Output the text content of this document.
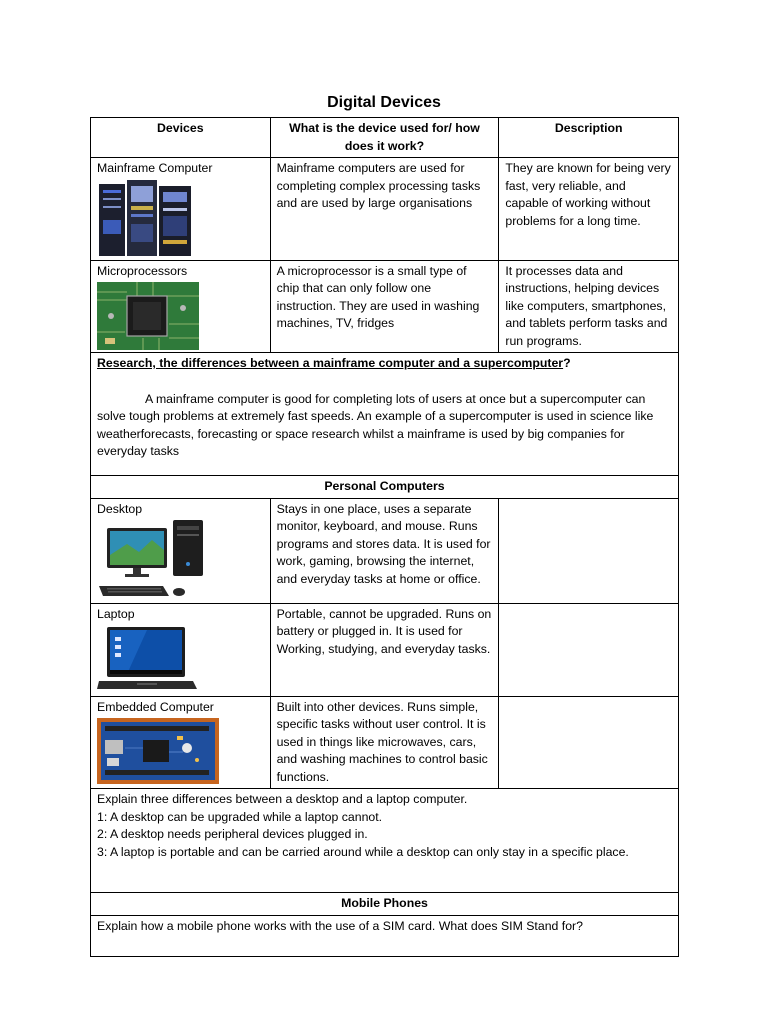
Digital Devices
Devices	What is the device used for/ how does it work?	Description

Mainframe Computer	Mainframe computers are used for completing complex processing tasks and are used by large organisations	They are known for being very fast, very reliable, and capable of working without problems for a long time.

Microprocessors	A microprocessor is a small type of chip that can only follow one instruction. They are used in washing machines, TV, fridges	It processes data and instructions, helping devices like computers, smartphones, and tablets perform tasks and run programs.

Research, the differences between a mainframe computer and a supercomputer?

A mainframe computer is good for completing lots of users at once but a supercomputer can solve tough problems at extremely fast speeds. An example of a supercomputer is used in science like weatherforecasts, forecasting or space research whilst a mainframe is used by big companies for everyday tasks		

Personal Computers		

Desktop	Stays in one place, uses a separate monitor, keyboard, and mouse. Runs programs and stores data. It is used for work, gaming, browsing the internet, and everyday tasks at home or office.	

Laptop	Portable, cannot be upgraded. Runs on battery or plugged in. It is used for Working, studying, and everyday tasks.	

Embedded Computer	Built into other devices. Runs simple, specific tasks without user control. It is used in things like microwaves, cars, and washing machines to control basic functions.	

Explain three differences between a desktop and a laptop computer.
1: A desktop can be upgraded while a laptop cannot.
2: A desktop needs peripheral devices plugged in.
3: A laptop is portable and can be carried around while a desktop can only stay in a specific place.		

Mobile Phones		
Explain how a mobile phone works with the use of a SIM card. What does SIM Stand for?		
